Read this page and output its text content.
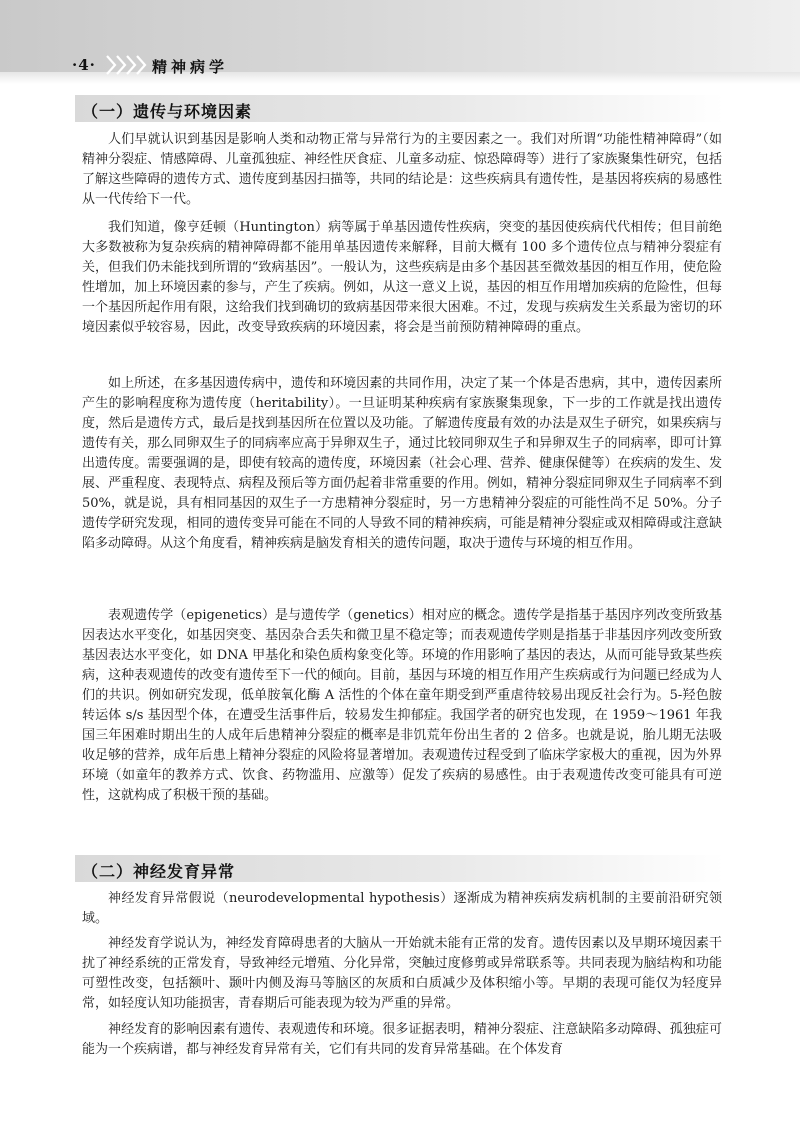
·4·	精神病学
（一）遗传与环境因素

人们早就认识到基因是影响人类和动物正常与异常行为的主要因素之一。我们对所谓“功能性精神障碍”（如精神分裂症、情感障碍、儿童孤独症、神经性厌食症、儿童多动症、惊恐障碍等）进行了家族聚集性研究，包括了解这些障碍的遗传方式、遗传度到基因扫描等，共同的结论是：这些疾病具有遗传性，是基因将疾病的易感性从一代传给下一代。

我们知道，像亨廷顿（Huntington）病等属于单基因遗传性疾病，突变的基因使疾病代代相传；但目前绝大多数被称为复杂疾病的精神障碍都不能用单基因遗传来解释，目前大概有 100 多个遗传位点与精神分裂症有关，但我们仍未能找到所谓的“致病基因”。一般认为，这些疾病是由多个基因甚至微效基因的相互作用，使危险性增加，加上环境因素的参与，产生了疾病。例如，从这一意义上说，基因的相互作用增加疾病的危险性，但每一个基因所起作用有限，这给我们找到确切的致病基因带来很大困难。不过，发现与疾病发生关系最为密切的环境因素似乎较容易，因此，改变导致疾病的环境因素，将会是当前预防精神障碍的重点。

如上所述，在多基因遗传病中，遗传和环境因素的共同作用，决定了某一个体是否患病，其中，遗传因素所产生的影响程度称为遗传度（heritability）。一旦证明某种疾病有家族聚集现象，下一步的工作就是找出遗传度，然后是遗传方式，最后是找到基因所在位置以及功能。了解遗传度最有效的办法是双生子研究，如果疾病与遗传有关，那么同卵双生子的同病率应高于异卵双生子，通过比较同卵双生子和异卵双生子的同病率，即可计算出遗传度。需要强调的是，即使有较高的遗传度，环境因素（社会心理、营养、健康保健等）在疾病的发生、发展、严重程度、表现特点、病程及预后等方面仍起着非常重要的作用。例如，精神分裂症同卵双生子同病率不到 50%，就是说，具有相同基因的双生子一方患精神分裂症时，另一方患精神分裂症的可能性尚不足 50%。分子遗传学研究发现，相同的遗传变异可能在不同的人导致不同的精神疾病，可能是精神分裂症或双相障碍或注意缺陷多动障碍。从这个角度看，精神疾病是脑发育相关的遗传问题，取决于遗传与环境的相互作用。

表观遗传学（epigenetics）是与遗传学（genetics）相对应的概念。遗传学是指基于基因序列改变所致基因表达水平变化，如基因突变、基因杂合丢失和微卫星不稳定等；而表观遗传学则是指基于非基因序列改变所致基因表达水平变化，如 DNA 甲基化和染色质构象变化等。环境的作用影响了基因的表达，从而可能导致某些疾病，这种表观遗传的改变有遗传至下一代的倾向。目前，基因与环境的相互作用产生疾病或行为问题已经成为人们的共识。例如研究发现，低单胺氧化酶 A 活性的个体在童年期受到严重虐待较易出现反社会行为。5-羟色胺转运体 s/s 基因型个体，在遭受生活事件后，较易发生抑郁症。我国学者的研究也发现，在 1959～1961 年我国三年困难时期出生的人成年后患精神分裂症的概率是非饥荒年份出生者的 2 倍多。也就是说，胎儿期无法吸收足够的营养，成年后患上精神分裂症的风险将显著增加。表观遗传过程受到了临床学家极大的重视，因为外界环境（如童年的教养方式、饮食、药物滥用、应激等）促发了疾病的易感性。由于表观遗传改变可能具有可逆性，这就构成了积极干预的基础。

（二）神经发育异常

神经发育异常假说（neurodevelopmental hypothesis）逐渐成为精神疾病发病机制的主要前沿研究领域。

神经发育学说认为，神经发育障碍患者的大脑从一开始就未能有正常的发育。遗传因素以及早期环境因素干扰了神经系统的正常发育，导致神经元增殖、分化异常，突触过度修剪或异常联系等。共同表现为脑结构和功能可塑性改变，包括额叶、颞叶内侧及海马等脑区的灰质和白质减少及体积缩小等。早期的表现可能仅为轻度异常，如轻度认知功能损害，青春期后可能表现为较为严重的异常。

神经发育的影响因素有遗传、表观遗传和环境。很多证据表明，精神分裂症、注意缺陷多动障碍、孤独症可能为一个疾病谱，都与神经发育异常有关，它们有共同的发育异常基础。在个体发育
